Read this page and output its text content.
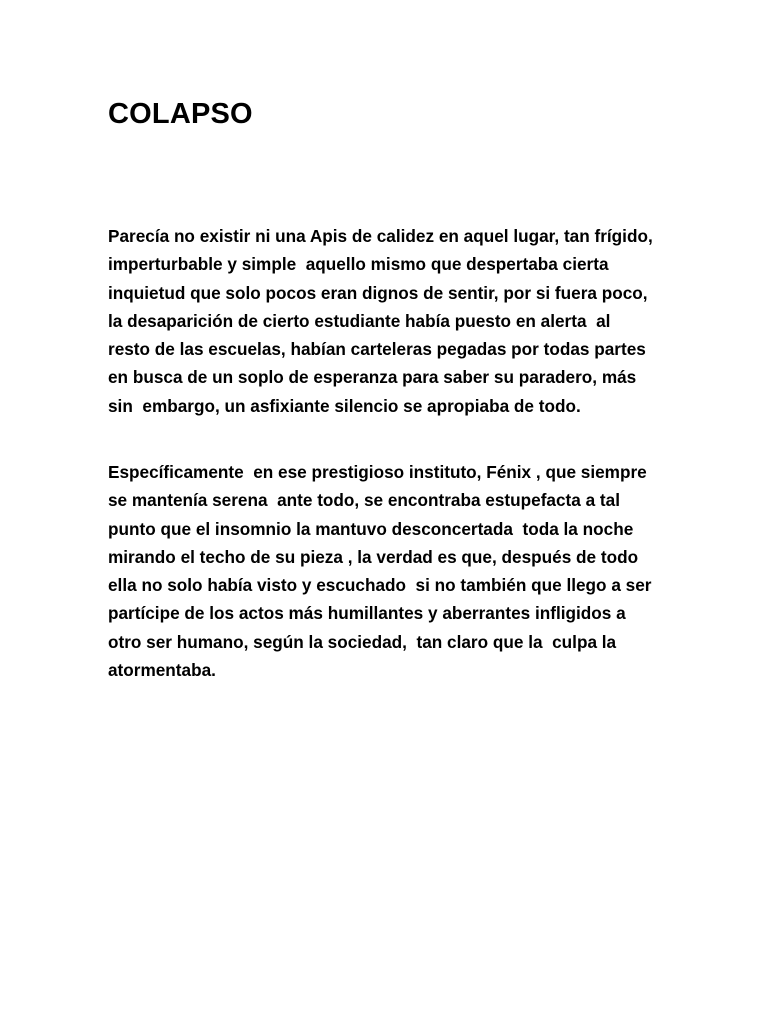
COLAPSO

Parecía no existir ni una Apis de calidez en aquel lugar, tan frígido,
imperturbable y simple  aquello mismo que despertaba cierta
inquietud que solo pocos eran dignos de sentir, por si fuera poco,
la desaparición de cierto estudiante había puesto en alerta  al
resto de las escuelas, habían carteleras pegadas por todas partes
en busca de un soplo de esperanza para saber su paradero, más
sin  embargo, un asfixiante silencio se apropiaba de todo.

Específicamente  en ese prestigioso instituto, Fénix , que siempre
se mantenía serena  ante todo, se encontraba estupefacta a tal
punto que el insomnio la mantuvo desconcertada  toda la noche
mirando el techo de su pieza , la verdad es que, después de todo
ella no solo había visto y escuchado  si no también que llego a ser
partícipe de los actos más humillantes y aberrantes infligidos a
otro ser humano, según la sociedad,  tan claro que la  culpa la
atormentaba.
